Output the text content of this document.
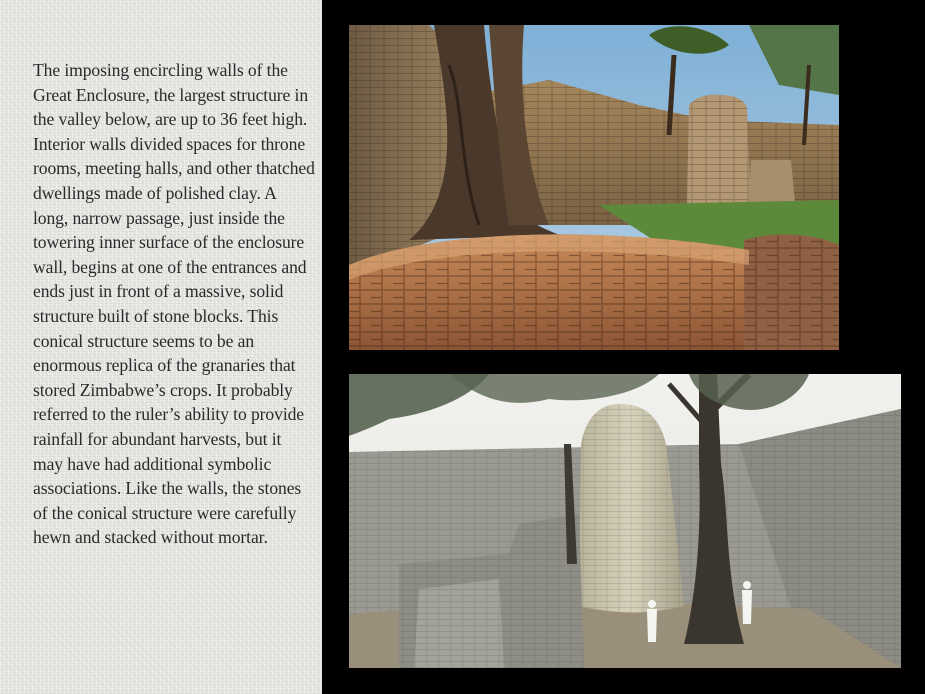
The imposing encircling walls of the Great Enclosure, the largest structure in the valley below, are up to 36 feet high. Interior walls divided spaces for throne rooms, meeting halls, and other thatched dwellings made of polished clay. A long, narrow passage, just inside the towering inner surface of the enclosure wall, begins at one of the entrances and ends just in front of a massive, solid structure built of stone blocks. This conical structure seems to be an enormous replica of the granaries that stored Zimbabwe’s crops. It probably referred to the ruler’s ability to provide rainfall for abundant harvests, but it may have had additional symbolic associations. Like the walls, the stones of the conical structure were carefully hewn and stacked without mortar.
